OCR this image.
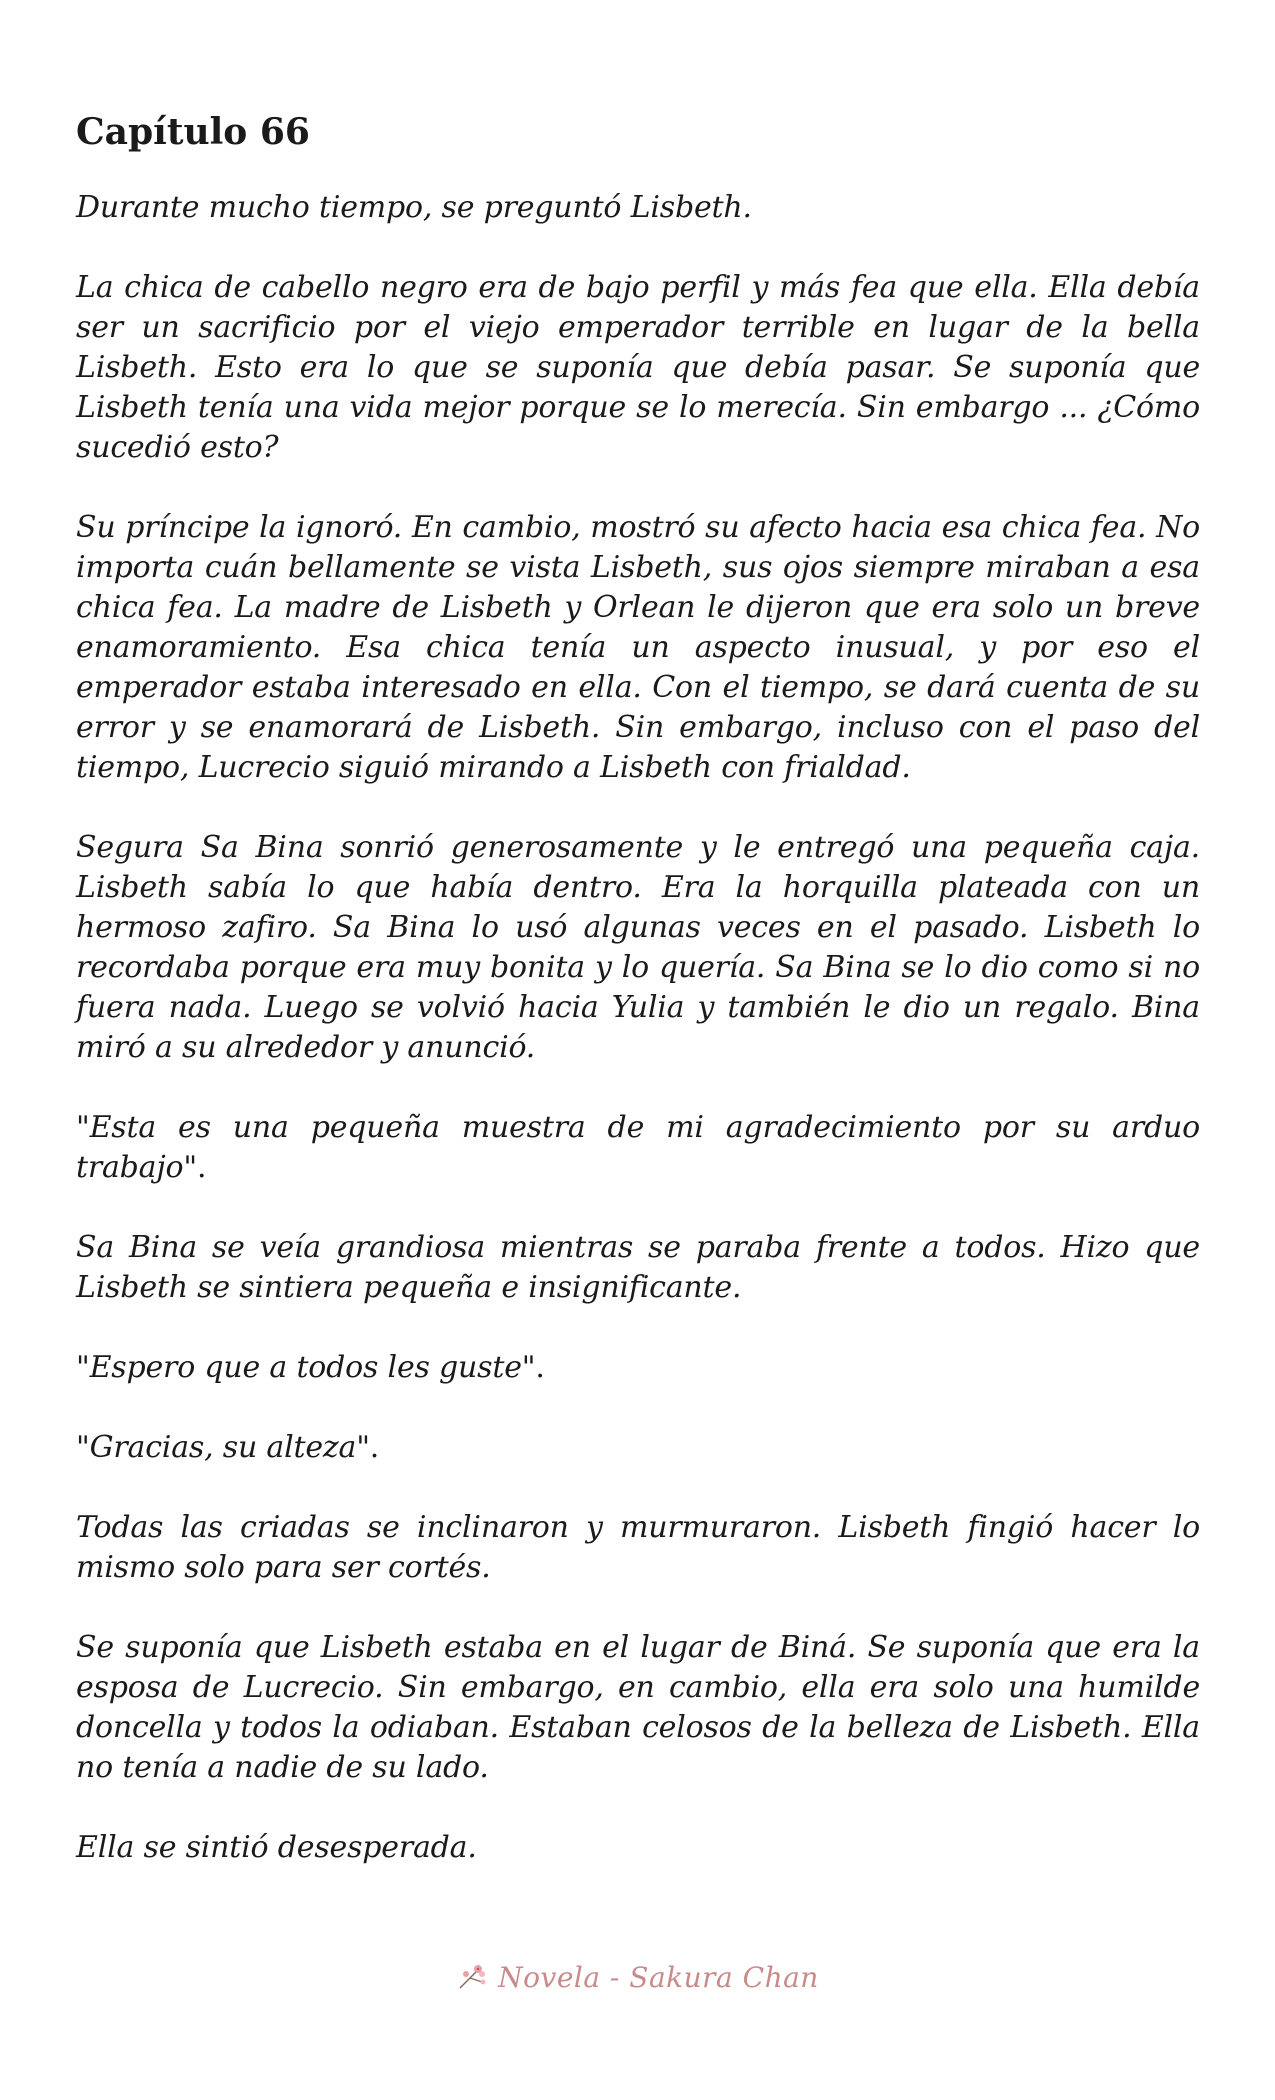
Capítulo 66

Durante mucho tiempo, se preguntó Lisbeth.

La chica de cabello negro era de bajo perfil y más fea que ella. Ella debía ser un sacrificio por el viejo emperador terrible en lugar de la bella Lisbeth. Esto era lo que se suponía que debía pasar. Se suponía que Lisbeth tenía una vida mejor porque se lo merecía. Sin embargo ... ¿Cómo sucedió esto?

Su príncipe la ignoró. En cambio, mostró su afecto hacia esa chica fea. No importa cuán bellamente se vista Lisbeth, sus ojos siempre miraban a esa chica fea. La madre de Lisbeth y Orlean le dijeron que era solo un breve enamoramiento. Esa chica tenía un aspecto inusual, y por eso el emperador estaba interesado en ella. Con el tiempo, se dará cuenta de su error y se enamorará de Lisbeth. Sin embargo, incluso con el paso del tiempo, Lucrecio siguió mirando a Lisbeth con frialdad.

Segura Sa Bina sonrió generosamente y le entregó una pequeña caja. Lisbeth sabía lo que había dentro. Era la horquilla plateada con un hermoso zafiro. Sa Bina lo usó algunas veces en el pasado. Lisbeth lo recordaba porque era muy bonita y lo quería. Sa Bina se lo dio como si no fuera nada. Luego se volvió hacia Yulia y también le dio un regalo. Bina miró a su alrededor y anunció.

"Esta es una pequeña muestra de mi agradecimiento por su arduo trabajo".

Sa Bina se veía grandiosa mientras se paraba frente a todos. Hizo que Lisbeth se sintiera pequeña e insignificante.

"Espero que a todos les guste".

"Gracias, su alteza".

Todas las criadas se inclinaron y murmuraron. Lisbeth fingió hacer lo mismo solo para ser cortés.

Se suponía que Lisbeth estaba en el lugar de Biná. Se suponía que era la esposa de Lucrecio. Sin embargo, en cambio, ella era solo una humilde doncella y todos la odiaban. Estaban celosos de la belleza de Lisbeth. Ella no tenía a nadie de su lado.

Ella se sintió desesperada.

Novela - Sakura Chan
